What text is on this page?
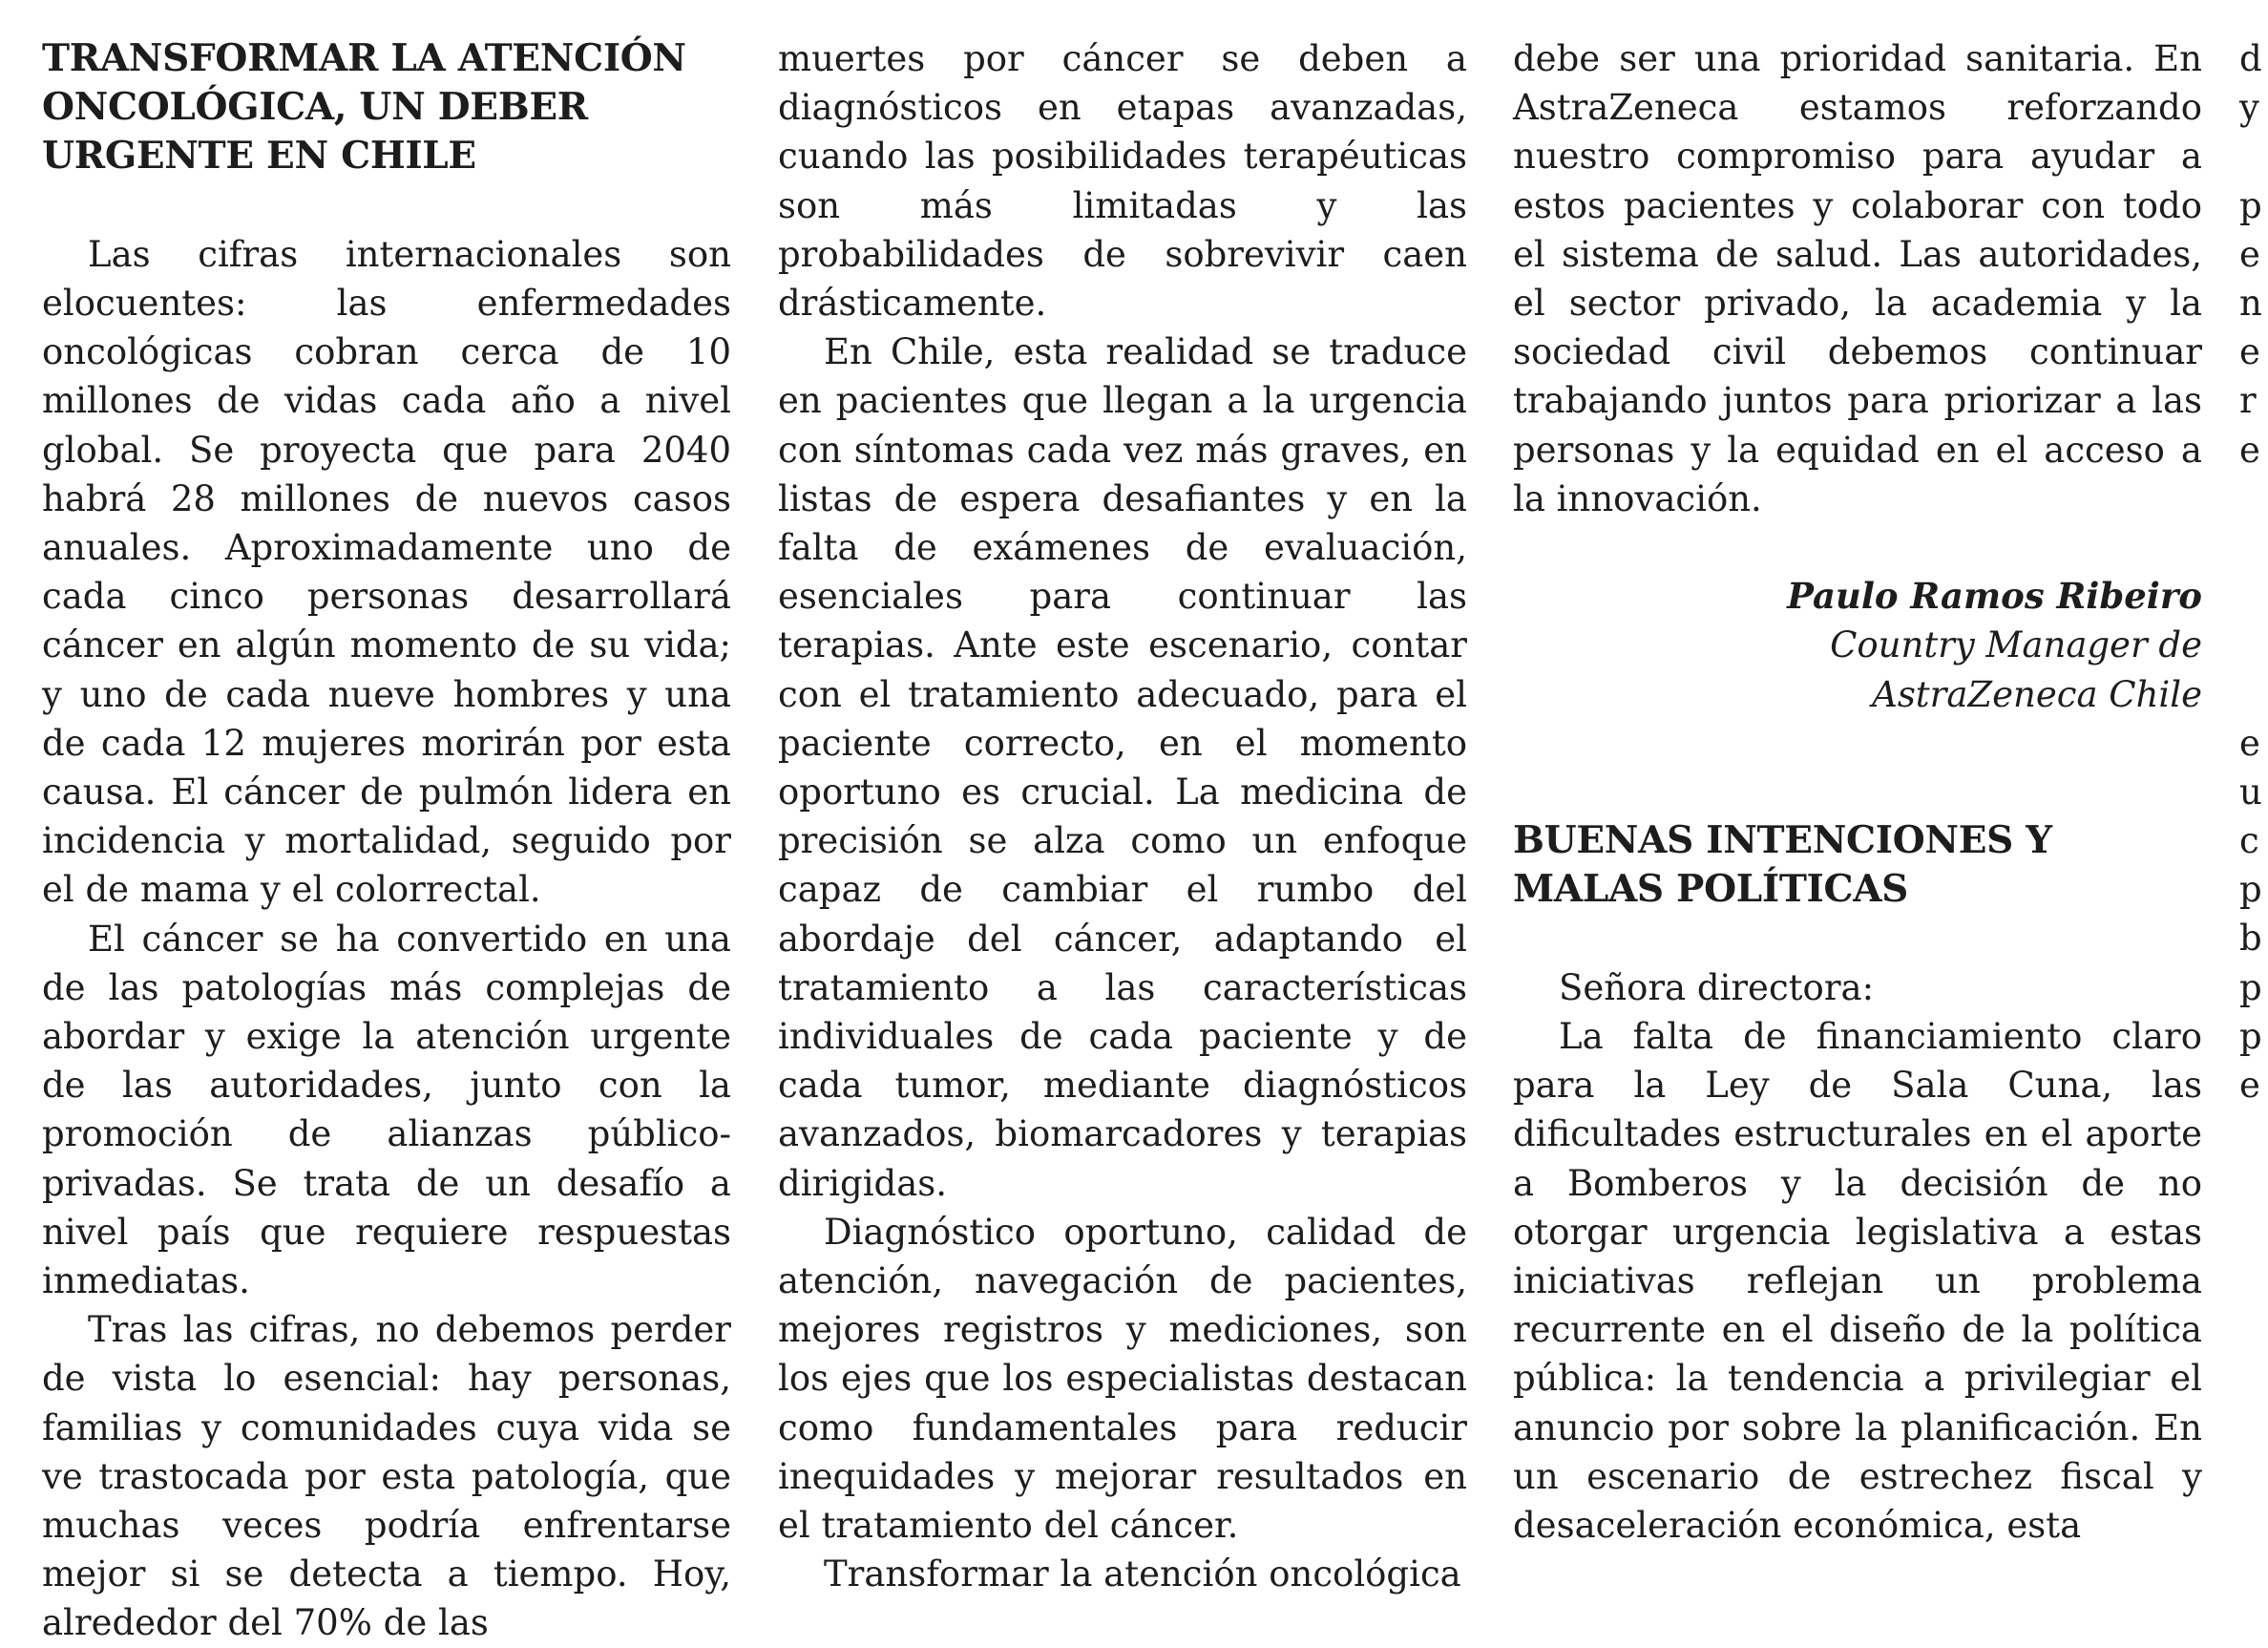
TRANSFORMAR LA ATENCIÓN ONCOLÓGICA, UN DEBER URGENTE EN CHILE

Las cifras internacionales son elocuentes: las enfermedades oncológicas cobran cerca de 10 millones de vidas cada año a nivel global. Se proyecta que para 2040 habrá 28 millones de nuevos casos anuales. Aproximadamente uno de cada cinco personas desarrollará cáncer en algún momento de su vida; y uno de cada nueve hombres y una de cada 12 mujeres morirán por esta causa. El cáncer de pulmón lidera en incidencia y mortalidad, seguido por el de mama y el colorrectal.

El cáncer se ha convertido en una de las patologías más complejas de abordar y exige la atención urgente de las autoridades, junto con la promoción de alianzas público-privadas. Se trata de un desafío a nivel país que requiere respuestas inmediatas.

Tras las cifras, no debemos perder de vista lo esencial: hay personas, familias y comunidades cuya vida se ve trastocada por esta patología, que muchas veces podría enfrentarse mejor si se detecta a tiempo. Hoy, alrededor del 70% de las

muertes por cáncer se deben a diagnósticos en etapas avanzadas, cuando las posibilidades terapéuticas son más limitadas y las probabilidades de sobrevivir caen drásticamente.

En Chile, esta realidad se traduce en pacientes que llegan a la urgencia con síntomas cada vez más graves, en listas de espera desafiantes y en la falta de exámenes de evaluación, esenciales para continuar las terapias. Ante este escenario, contar con el tratamiento adecuado, para el paciente correcto, en el momento oportuno es crucial. La medicina de precisión se alza como un enfoque capaz de cambiar el rumbo del abordaje del cáncer, adaptando el tratamiento a las características individuales de cada paciente y de cada tumor, mediante diagnósticos avanzados, biomarcadores y terapias dirigidas.

Diagnóstico oportuno, calidad de atención, navegación de pacientes, mejores registros y mediciones, son los ejes que los especialistas destacan como fundamentales para reducir inequidades y mejorar resultados en el tratamiento del cáncer.

Transformar la atención oncológica

debe ser una prioridad sanitaria. En AstraZeneca estamos reforzando nuestro compromiso para ayudar a estos pacientes y colaborar con todo el sistema de salud. Las autoridades, el sector privado, la academia y la sociedad civil debemos continuar trabajando juntos para priorizar a las personas y la equidad en el acceso a la innovación.

Paulo Ramos Ribeiro
Country Manager de
AstraZeneca Chile
BUENAS INTENCIONES Y MALAS POLÍTICAS

Señora directora:

La falta de financiamiento claro para la Ley de Sala Cuna, las dificultades estructurales en el aporte a Bomberos y la decisión de no otorgar urgencia legislativa a estas iniciativas reflejan un problema recurrente en el diseño de la política pública: la tendencia a privilegiar el anuncio por sobre la planificación. En un escenario de estrechez fiscal y desaceleración económica, esta

d
y
p
e
n
e
r
e
e
u
c
p
b
p
p
e
